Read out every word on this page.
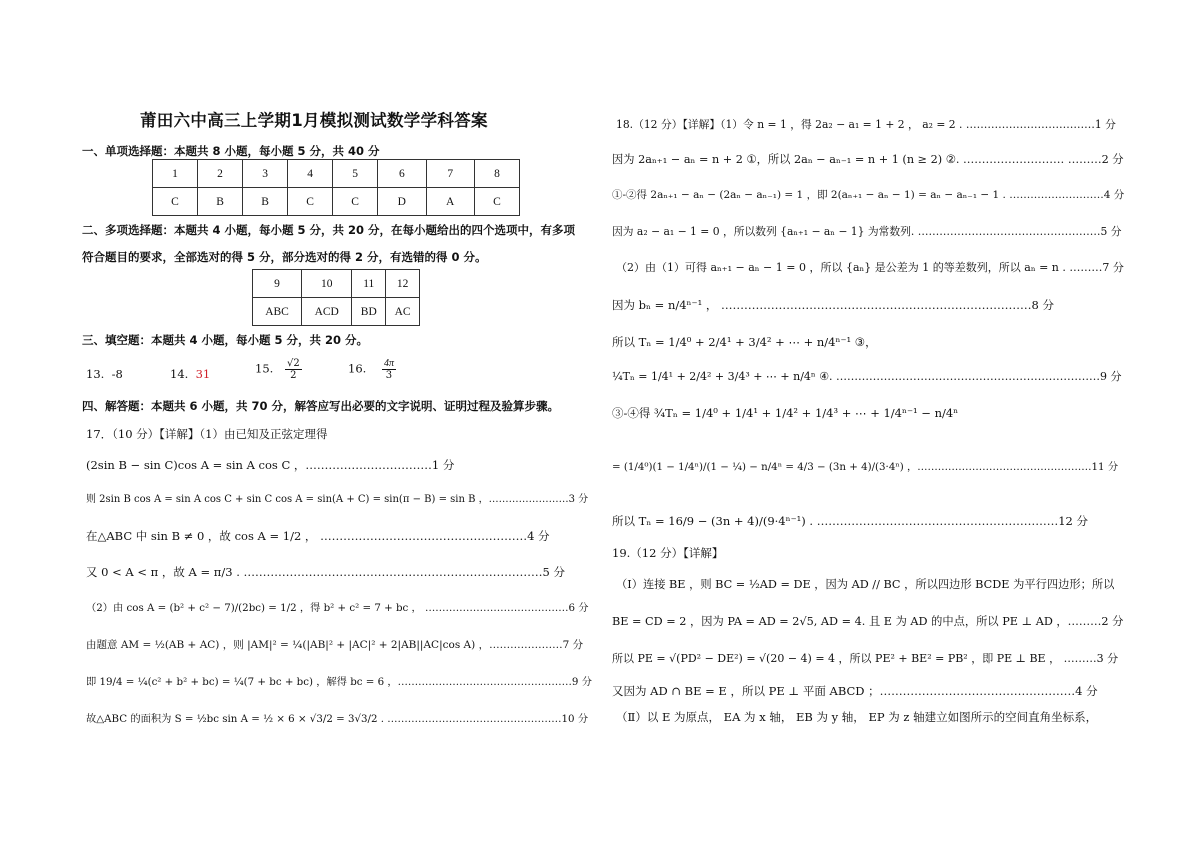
莆田六中高三上学期1月模拟测试数学学科答案
一、单项选择题：本题共 8 小题，每小题 5 分，共 40 分
1	2	3	4	5	6	7	8
C	B	B	C	C	D	A	C
二、多项选择题：本题共 4 小题，每小题 5 分，共 20 分，在每小题给出的四个选项中，有多项
符合题目的要求，全部选对的得 5 分，部分选对的得 2 分，有选错的得 0 分。
9	10	11	12
ABC	ACD	BD	AC
三、填空题：本题共 4 小题，每小题 5 分，共 20 分。
13. -8	14. 31	15. $\frac{√2}{2}$	16. $\frac{4\pi}{3}$
四、解答题：本题共 6 小题，共 70 分，解答应写出必要的文字说明、证明过程及验算步骤。
17．（10 分）【详解】（1）由已知及正弦定理得
(2sin B − sin C)cos A = sin A cos C ，……………………………1 分
则 2sin B cos A = sin A cos C + sin C cos A = sin(A + C) = sin(π − B) = sin B ，……………………3 分
在△ABC 中 sin B ≠ 0 ，故 cos A = 1/2 ， ………………………………………………4 分
又 0 < A < π ，故 A = π/3 . ……………………………………………………………………5 分
（2）由 cos A = (b² + c² − 7)/(2bc) = 1/2 ，得 b² + c² = 7 + bc ， ……………………………………6 分
由题意 AM = ½(AB + AC) ，则 |AM|² = ¼(|AB|² + |AC|² + 2|AB||AC|cos A) ，…………………7 分
即 19/4 = ¼(c² + b² + bc) = ¼(7 + bc + bc) ，解得 bc = 6 ，……………………………………………9 分
故△ABC 的面积为 S = ½bc sin A = ½ × 6 × √3/2 = 3√3/2 . ……………………………………………10 分
18.（12 分）【详解】（1）令 n = 1 ，得 2a₂ − a₁ = 1 + 2 ， a₂ = 2 . ………………………………1 分
因为 2aₙ₊₁ − aₙ = n + 2 ①，所以 2aₙ − aₙ₋₁ = n + 1 (n ≥ 2) ②. ……………………… ………2 分
①-②得 2aₙ₊₁ − aₙ − (2aₙ − aₙ₋₁) = 1 ，即 2(aₙ₊₁ − aₙ − 1) = aₙ − aₙ₋₁ − 1 . ………………………4 分
因为 a₂ − a₁ − 1 = 0 ，所以数列 {aₙ₊₁ − aₙ − 1} 为常数列. ……………………………………………5 分
（2）由（1）可得 aₙ₊₁ − aₙ − 1 = 0 ，所以 {aₙ} 是公差为 1 的等差数列，所以 aₙ = n . ………7 分
因为 bₙ = n/4ⁿ⁻¹ ， ………………………………………………………………………8 分
所以 Tₙ = 1/4⁰ + 2/4¹ + 3/4² + ⋯ + n/4ⁿ⁻¹ ③，
¼Tₙ = 1/4¹ + 2/4² + 3/4³ + ⋯ + n/4ⁿ ④. ………………………………………………………………9 分
③-④得 ¾Tₙ = 1/4⁰ + 1/4¹ + 1/4² + 1/4³ + ⋯ + 1/4ⁿ⁻¹ − n/4ⁿ
= (1/4⁰)(1 − 1/4ⁿ)/(1 − ¼) − n/4ⁿ = 4/3 − (3n + 4)/(3·4ⁿ) ，……………………………………………11 分
所以 Tₙ = 16/9 − (3n + 4)/(9·4ⁿ⁻¹) . ………………………………………………………12 分
19.（12 分）【详解】
（Ⅰ）连接 BE ，则 BC = ½AD = DE ，因为 AD // BC ，所以四边形 BCDE 为平行四边形；所以
BE = CD = 2 ，因为 PA = AD = 2√5, AD = 4. 且 E 为 AD 的中点，所以 PE ⊥ AD ，………2 分
所以 PE = √(PD² − DE²) = √(20 − 4) = 4 ，所以 PE² + BE² = PB² ，即 PE ⊥ BE ， ………3 分
又因为 AD ∩ BE = E ，所以 PE ⊥ 平面 ABCD ；……………………………………………4 分
（Ⅱ）以 E 为原点， EA 为 x 轴， EB 为 y 轴， EP 为 z 轴建立如图所示的空间直角坐标系，
